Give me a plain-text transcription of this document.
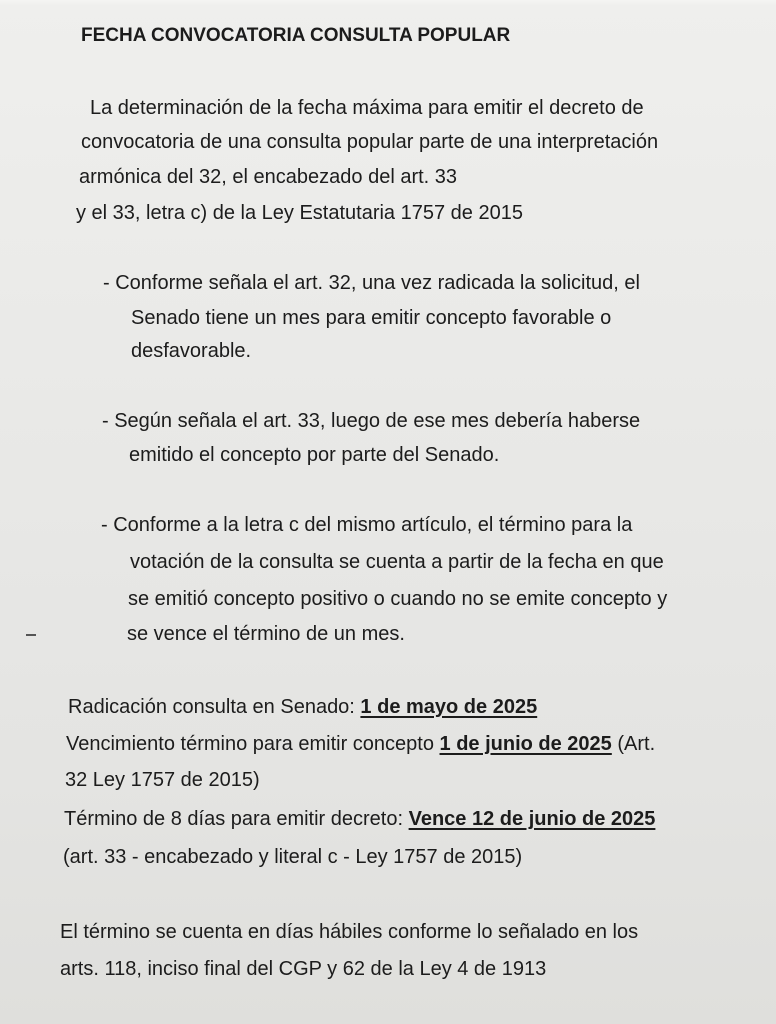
FECHA CONVOCATORIA CONSULTA POPULAR
La determinación de la fecha máxima para emitir el decreto de
convocatoria de una consulta popular parte de una interpretación
armónica del 32, el encabezado del art. 33
y el 33, letra c) de la Ley Estatutaria 1757 de 2015
- Conforme señala el art. 32, una vez radicada la solicitud, el
Senado tiene un mes para emitir concepto favorable o
desfavorable.
- Según señala el art. 33, luego de ese mes debería haberse
emitido el concepto por parte del Senado.
- Conforme a la letra c del mismo artículo, el término para la
votación de la consulta se cuenta a partir de la fecha en que
se emitió concepto positivo o cuando no se emite concepto y
se vence el término de un mes.
Radicación consulta en Senado: 1 de mayo de 2025
Vencimiento término para emitir concepto 1 de junio de 2025 (Art.
32 Ley 1757 de 2015)
Término de 8 días para emitir decreto: Vence 12 de junio de 2025
(art. 33 - encabezado y literal c - Ley 1757 de 2015)
El término se cuenta en días hábiles conforme lo señalado en los
arts. 118, inciso final del CGP y 62 de la Ley 4 de 1913
